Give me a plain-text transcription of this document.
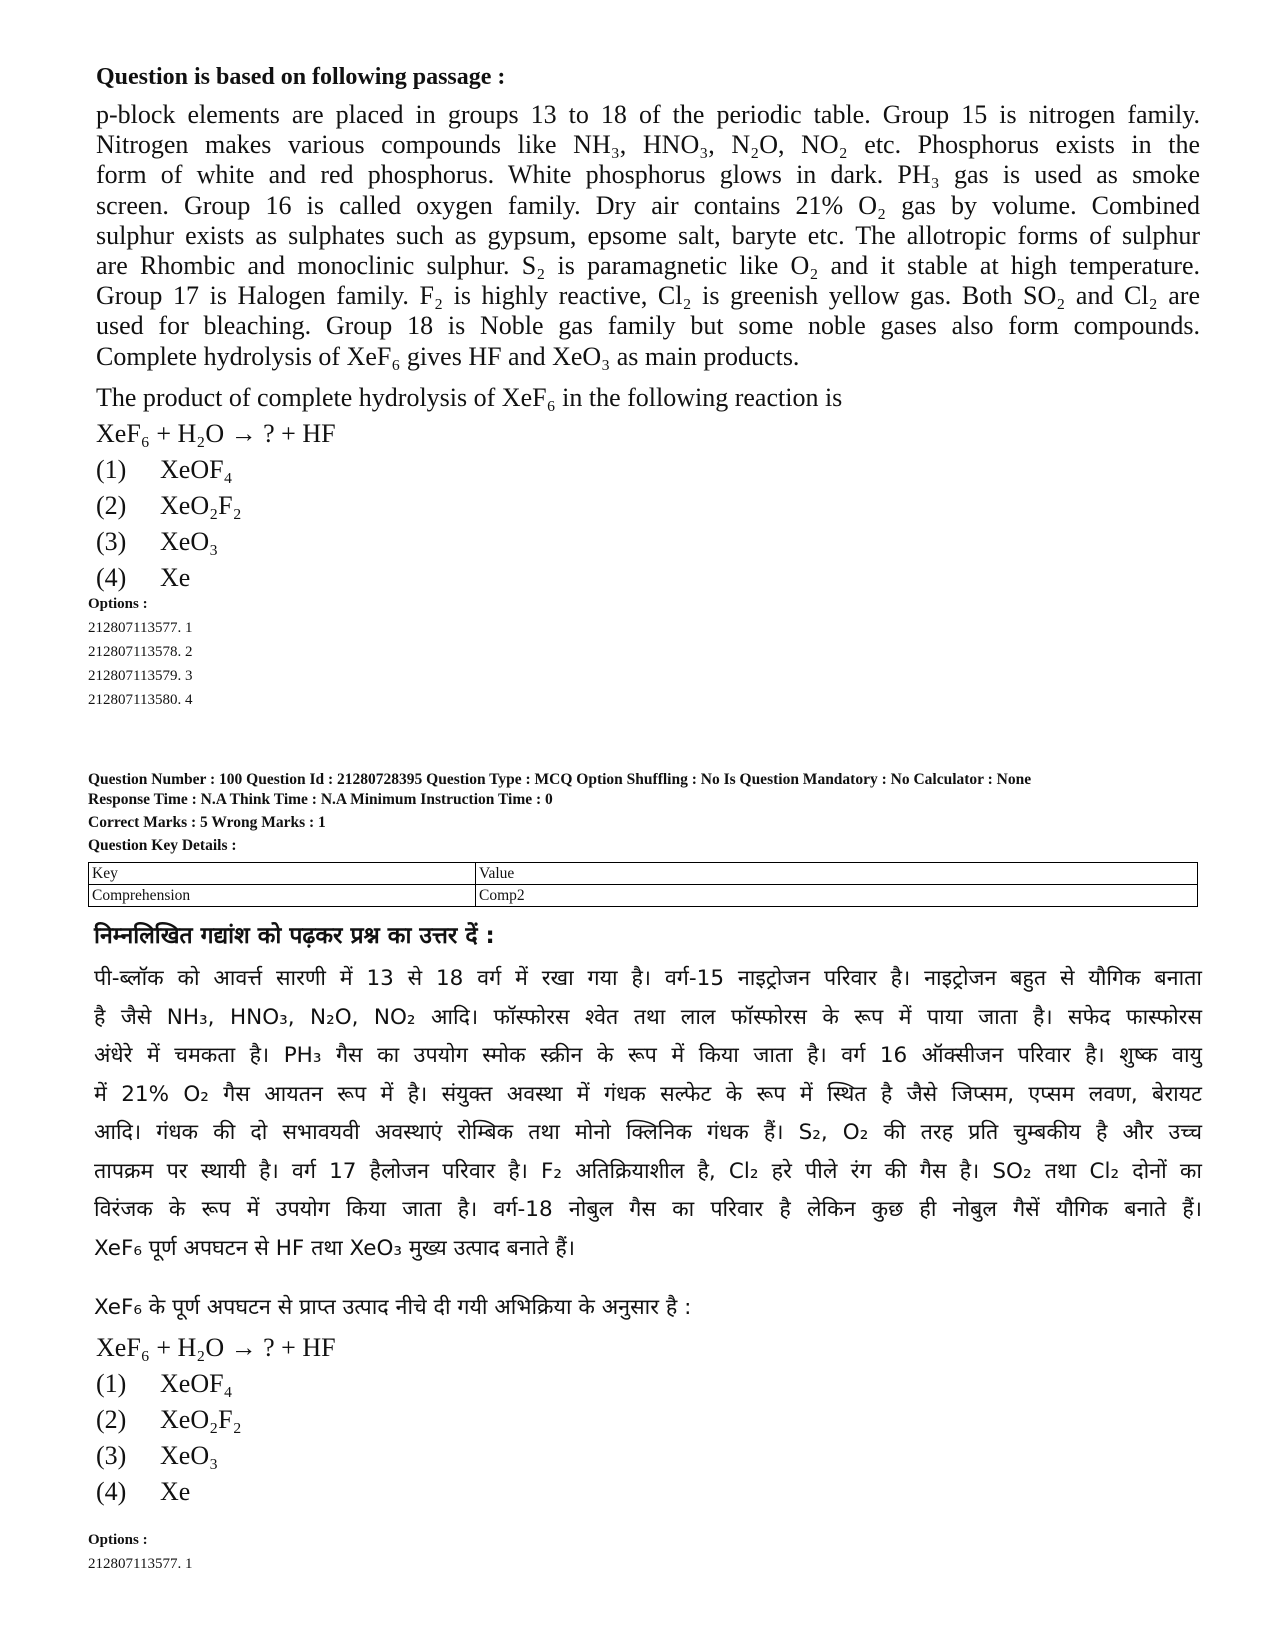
Question is based on following passage :
p-block elements are placed in groups 13 to 18 of the periodic table. Group 15 is nitrogen family.
Nitrogen makes various compounds like NH₃, HNO₃, N₂O, NO₂ etc. Phosphorus exists in the
form of white and red phosphorus. White phosphorus glows in dark. PH₃ gas is used as smoke
screen. Group 16 is called oxygen family. Dry air contains 21% O₂ gas by volume. Combined
sulphur exists as sulphates such as gypsum, epsome salt, baryte etc. The allotropic forms of sulphur
are Rhombic and monoclinic sulphur. S₂ is paramagnetic like O₂ and it stable at high temperature.
Group 17 is Halogen family. F₂ is highly reactive, Cl₂ is greenish yellow gas. Both SO₂ and Cl₂ are
used for bleaching. Group 18 is Noble gas family but some noble gases also form compounds.
Complete hydrolysis of XeF₆ gives HF and XeO₃ as main products.
The product of complete hydrolysis of XeF₆ in the following reaction is
XeF₆ + H₂O → ? + HF
(1) XeOF₄
(2) XeO₂F₂
(3) XeO₃
(4) Xe
Options :
212807113577. 1
212807113578. 2
212807113579. 3
212807113580. 4
Question Number : 100 Question Id : 21280728395 Question Type : MCQ Option Shuffling : No Is Question Mandatory : No Calculator : None
Response Time : N.A Think Time : N.A Minimum Instruction Time : 0
Correct Marks : 5 Wrong Marks : 1
Question Key Details :
Key	Value
Comprehension	Comp2
निम्नलिखित गद्यांश को पढ़कर प्रश्न का उत्तर दें :
पी-ब्लॉक को आवर्त्त सारणी में 13 से 18 वर्ग में रखा गया है। वर्ग-15 नाइट्रोजन परिवार है। नाइट्रोजन बहुत से यौगिक बनाता
है जैसे NH₃, HNO₃, N₂O, NO₂ आदि। फॉस्फोरस श्वेत तथा लाल फॉस्फोरस के रूप में पाया जाता है। सफेद फास्फोरस
अंधेरे में चमकता है। PH₃ गैस का उपयोग स्मोक स्क्रीन के रूप में किया जाता है। वर्ग 16 ऑक्सीजन परिवार है। शुष्क वायु
में 21% O₂ गैस आयतन रूप में है। संयुक्त अवस्था में गंधक सल्फेट के रूप में स्थित है जैसे जिप्सम, एप्सम लवण, बेरायट
आदि। गंधक की दो सभावयवी अवस्थाएं रोम्बिक तथा मोनो क्लिनिक गंधक हैं। S₂, O₂ की तरह प्रति चुम्बकीय है और उच्च
तापक्रम पर स्थायी है। वर्ग 17 हैलोजन परिवार है। F₂ अतिक्रियाशील है, Cl₂ हरे पीले रंग की गैस है। SO₂ तथा Cl₂ दोनों का
विरंजक के रूप में उपयोग किया जाता है। वर्ग-18 नोबुल गैस का परिवार है लेकिन कुछ ही नोबुल गैसें यौगिक बनाते हैं।
XeF₆ पूर्ण अपघटन से HF तथा XeO₃ मुख्य उत्पाद बनाते हैं।
XeF₆ के पूर्ण अपघटन से प्राप्त उत्पाद नीचे दी गयी अभिक्रिया के अनुसार है :
XeF₆ + H₂O → ? + HF
(1) XeOF₄
(2) XeO₂F₂
(3) XeO₃
(4) Xe
Options :
212807113577. 1
